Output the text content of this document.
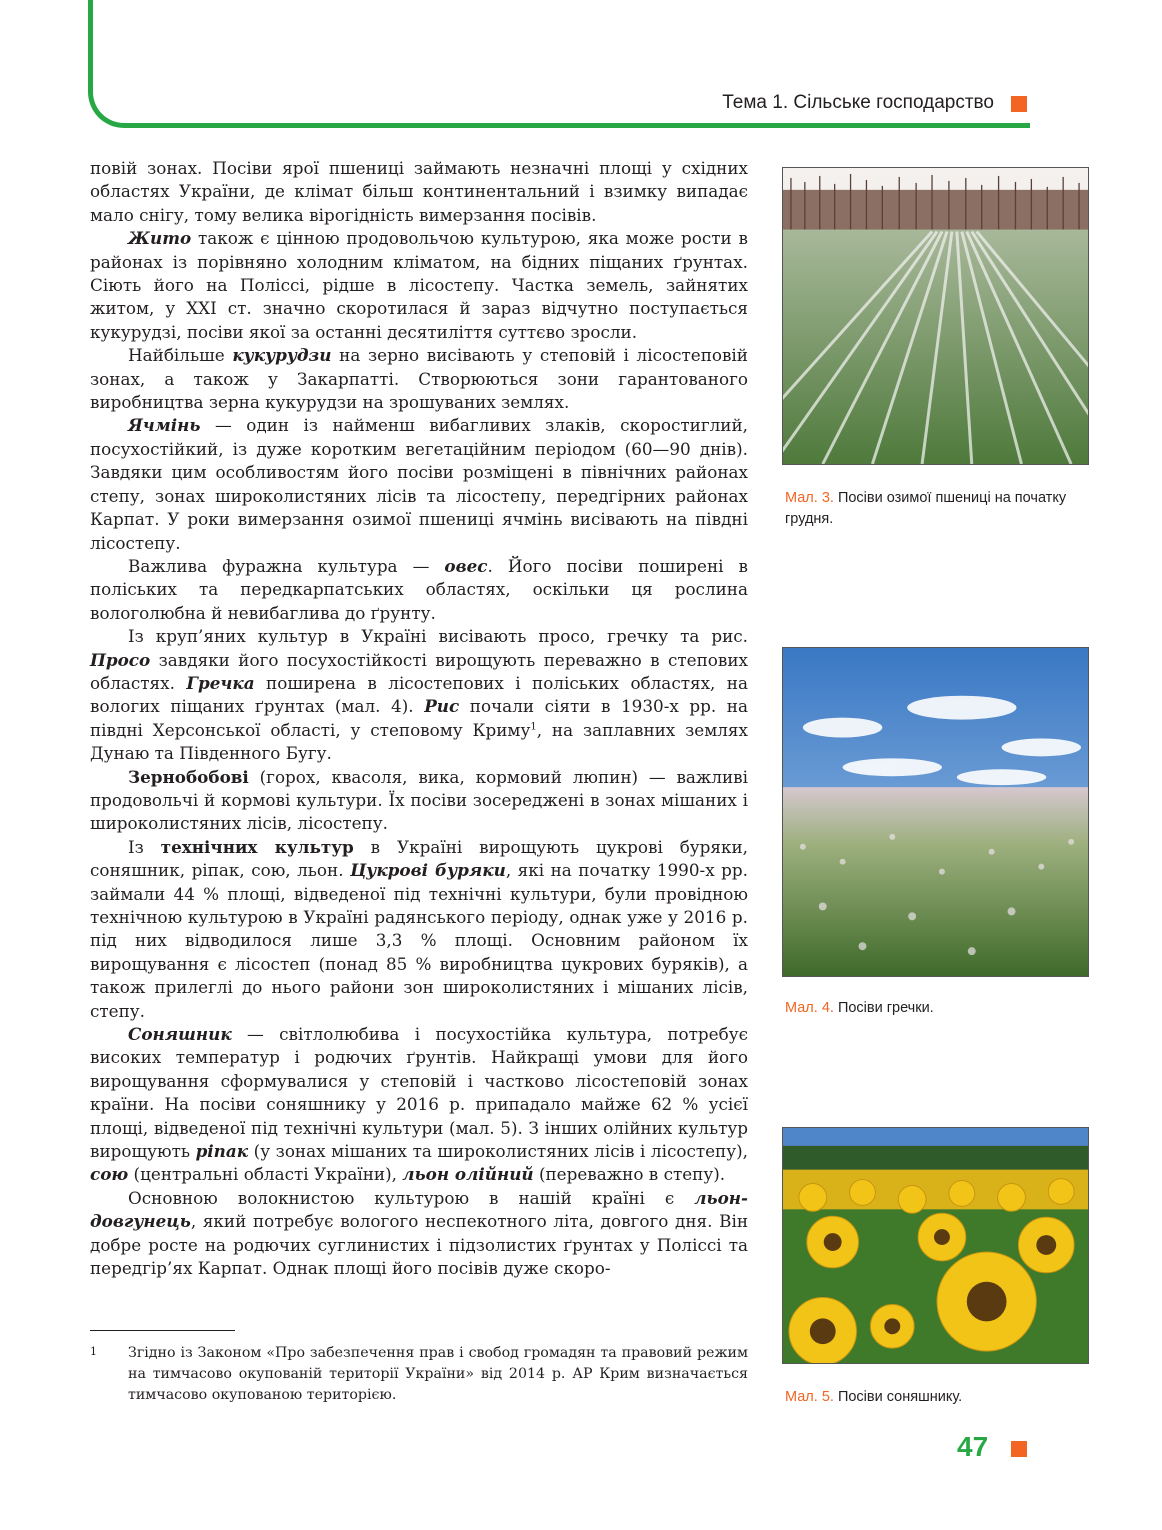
Тема 1. Сільське господарство

повій зонах. Посіви ярої пшениці займають незначні площі у східних областях України, де клімат більш континентальний і взимку випадає мало снігу, тому велика вірогідність вимерзання посівів.

Жито також є цінною продовольчою культурою, яка може рости в районах із порівняно холодним кліматом, на бідних піщаних ґрунтах. Сіють його на Поліссі, рідше в лісостепу. Частка земель, зайнятих житом, у XXI ст. значно скоротилася й зараз відчутно поступається кукурудзі, посіви якої за останні десятиліття суттєво зросли.

Найбільше кукурудзи на зерно висівають у степовій і лісостеповій зонах, а також у Закарпатті. Створюються зони гарантованого виробництва зерна кукурудзи на зрошуваних землях.

Ячмінь — один із найменш вибагливих злаків, скоростиглий, посухостійкий, із дуже коротким вегетаційним періодом (60—90 днів). Завдяки цим особливостям його посіви розміщені в північних районах степу, зонах широколистяних лісів та лісостепу, передгірних районах Карпат. У роки вимерзання озимої пшениці ячмінь висівають на півдні лісостепу.

Важлива фуражна культура — овес. Його посіви поширені в поліських та передкарпатських областях, оскільки ця рослина вологолюбна й невибаглива до ґрунту.

Із круп’яних культур в Україні висівають просо, гречку та рис. Просо завдяки його посухостійкості вирощують переважно в степових областях. Гречка поширена в лісостепових і поліських областях, на вологих піщаних ґрунтах (мал. 4). Рис почали сіяти в 1930-х рр. на півдні Херсонської області, у степовому Криму$^1$, на заплавних землях Дунаю та Південного Бугу.

Зернобобові (горох, квасоля, вика, кормовий люпин) — важливі продовольчі й кормові культури. Їх посіви зосереджені в зонах мішаних і широколистяних лісів, лісостепу.

Із технічних культур в Україні вирощують цукрові буряки, соняшник, ріпак, сою, льон. Цукрові буряки, які на початку 1990-х рр. займали 44 % площі, відведеної під технічні культури, були провідною технічною культурою в Україні радянського періоду, однак уже у 2016 р. під них відводилося лише 3,3 % площі. Основним районом їх вирощування є лісостеп (понад 85 % виробництва цукрових буряків), а також прилеглі до нього райони зон широколистяних і мішаних лісів, степу.

Соняшник — світлолюбива і посухостійка культура, потребує високих температур і родючих ґрунтів. Найкращі умови для його вирощування сформувалися у степовій і частково лісостеповій зонах країни. На посіви соняшнику у 2016 р. припадало майже 62 % усієї площі, відведеної під технічні культури (мал. 5). З інших олійних культур вирощують ріпак (у зонах мішаних та широколистяних лісів і лісостепу), сою (центральні області України), льон олійний (переважно в степу).

Основною волокнистою культурою в нашій країні є льон-довгунець, який потребує вологого неспекотного літа, довгого дня. Він добре росте на родючих суглинистих і підзолистих ґрунтах у Поліссі та передгір’ях Карпат. Однак площі його посівів дуже скоро-

Мал. 3. Посіви озимої пшениці на початку грудня.
Мал. 4. Посіви гречки.
Мал. 5. Посіви соняшнику.
1 Згідно із Законом «Про забезпечення прав і свобод громадян та правовий режим на тимчасово окупованій території України» від 2014 р. АР Крим визначається тимчасово окупованою територією.
47
